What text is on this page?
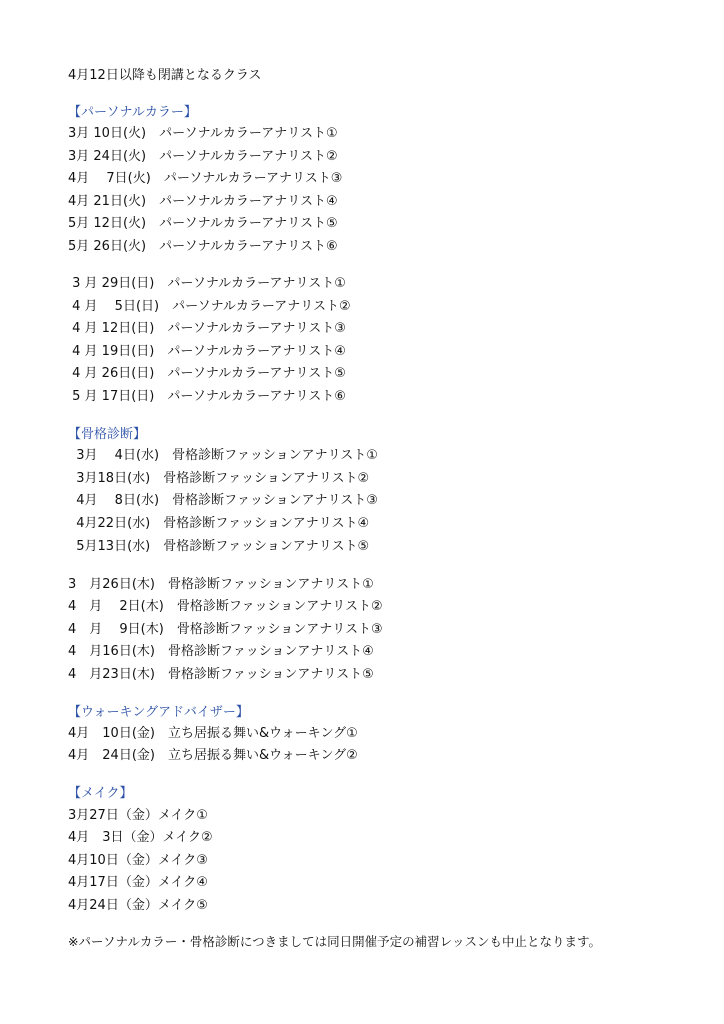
4月12日以降も閉講となるクラス
【パーソナルカラー】
3月 10日(火)　パーソナルカラーアナリスト①
3月 24日(火)　パーソナルカラーアナリスト②
4月　 7日(火)　パーソナルカラーアナリスト③
4月 21日(火)　パーソナルカラーアナリスト④
5月 12日(火)　パーソナルカラーアナリスト⑤
5月 26日(火)　パーソナルカラーアナリスト⑥
3 月 29日(日)　パーソナルカラーアナリスト①
4 月　 5日(日)　パーソナルカラーアナリスト②
4 月 12日(日)　パーソナルカラーアナリスト③
4 月 19日(日)　パーソナルカラーアナリスト④
4 月 26日(日)　パーソナルカラーアナリスト⑤
5 月 17日(日)　パーソナルカラーアナリスト⑥
【骨格診断】
3月　 4日(水)　骨格診断ファッションアナリスト①
3月18日(水)　骨格診断ファッションアナリスト②
4月　 8日(水)　骨格診断ファッションアナリスト③
4月22日(水)　骨格診断ファッションアナリスト④
5月13日(水)　骨格診断ファッションアナリスト⑤
3　月26日(木)　骨格診断ファッションアナリスト①
4　月　 2日(木)　骨格診断ファッションアナリスト②
4　月　 9日(木)　骨格診断ファッションアナリスト③
4　月16日(木)　骨格診断ファッションアナリスト④
4　月23日(木)　骨格診断ファッションアナリスト⑤
【ウォーキングアドバイザー】
4月　10日(金)　立ち居振る舞い&ウォーキング①
4月　24日(金)　立ち居振る舞い&ウォーキング②
【メイク】
3月27日（金）メイク①
4月　3日（金）メイク②
4月10日（金）メイク③
4月17日（金）メイク④
4月24日（金）メイク⑤
※パーソナルカラー・骨格診断につきましては同日開催予定の補習レッスンも中止となります。
